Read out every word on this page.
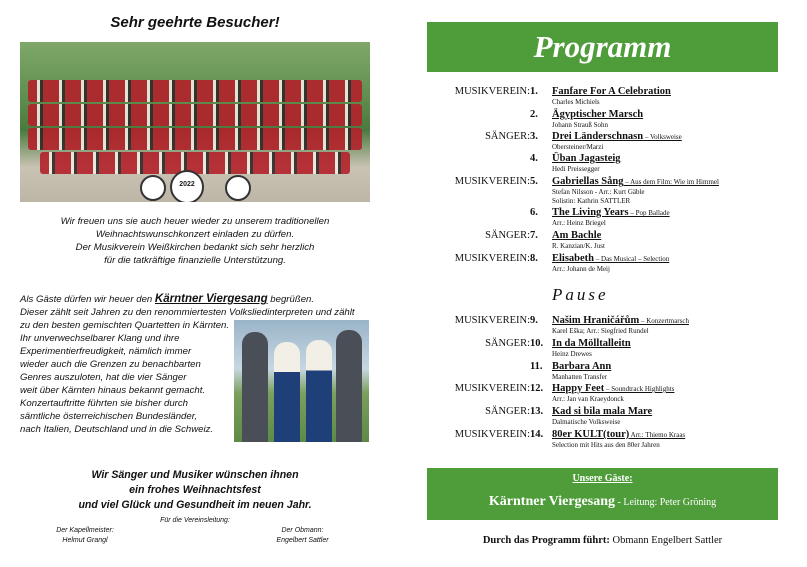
Sehr geehrte Besucher!
2022
Wir freuen uns sie auch heuer wieder zu unserem traditionellen
Weihnachtswunschkonzert einladen zu dürfen.
Der Musikverein Weißkirchen bedankt sich sehr herzlich
für die tatkräftige finanzielle Unterstützung.
Als Gäste dürfen wir heuer den Kärntner Viergesang begrüßen.
Dieser zählt seit Jahren zu den renommiertesten Volksliedinterpreten und zählt
zu den besten gemischten Quartetten in Kärnten.
Ihr unverwechselbarer Klang und ihre
Experimentierfreudigkeit, nämlich immer
wieder auch die Grenzen zu benachbarten
Genres auszuloten, hat die vier Sänger
weit über Kärnten hinaus bekannt gemacht.
Konzertauftritte führten sie bisher durch
sämtliche österreichischen Bundesländer,
nach Italien, Deutschland und in die Schweiz.
Wir Sänger und Musiker wünschen ihnen
ein frohes Weihnachtsfest
und viel Glück und Gesundheit im neuen Jahr.
Für die Vereinsleitung:
Der Kapellmeister:
Helmut Grangl
Der Obmann:
Engelbert Sattler
Programm
MUSIKVEREIN: 1. Fanfare For A Celebration
Charles Michiels
2. Ägyptischer Marsch
Johann Strauß Sohn
SÄNGER: 3. Drei Länderschnasn – Volksweise
Obersteiner/Marzi
4. Üban Jagasteig
Hedi Preissegger
MUSIKVEREIN: 5. Gabriellas Sång – Aus dem Film: Wie im Himmel
Stefan Nilsson - Arr.: Kurt Gäble
Solistin: Kathrin SATTLER
6. The Living Years – Pop Ballade
Arr.: Heinz Briegel
SÄNGER: 7. Am Bachle
R. Kanzian/K. Just
MUSIKVEREIN: 8. Elisabeth – Das Musical – Selection
Arr.: Johann de Meij
Pause
MUSIKVEREIN: 9. Našim Hraničářům – Konzertmarsch
Karel Eška; Arr.: Siegfried Rundel
SÄNGER: 10. In da Mölltalleitn
Heinz Drewes
11. Barbara Ann
Manhatten Transfer
MUSIKVEREIN: 12. Happy Feet – Soundtrack Highlights
Arr.: Jan van Kraeydonck
SÄNGER: 13. Kad si bila mala Mare
Dalmatische Volksweise
MUSIKVEREIN: 14. 80er KULT(tour) Arr.: Thiemo Kraas
Selection mit Hits aus den 80er Jahren
Unsere Gäste:
Kärntner Viergesang - Leitung: Peter Gröning
Durch das Programm führt: Obmann Engelbert Sattler
